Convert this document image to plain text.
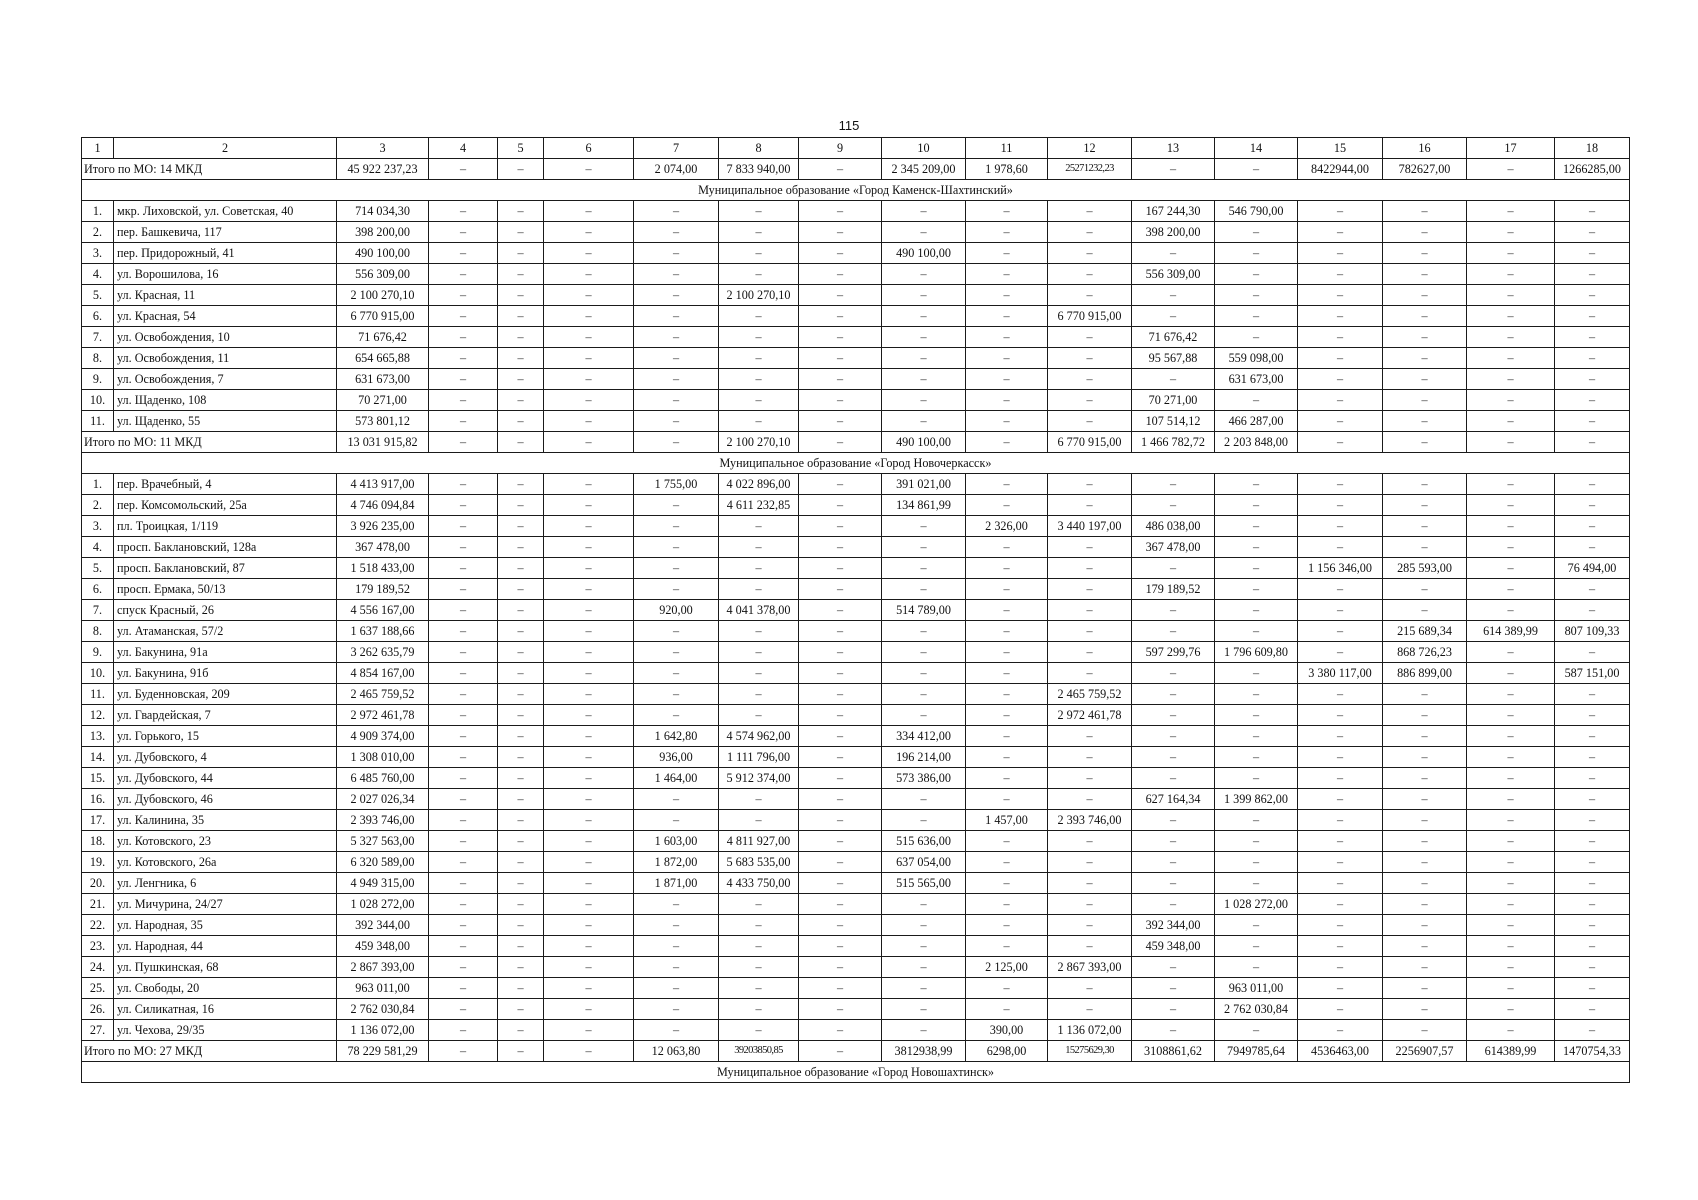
115
1	2	3	4	5	6	7	8	9	10	11	12	13	14	15	16	17	18
Итого по МО: 14 МКД		45 922 237,23	–	–	–	2 074,00	7 833 940,00	–	2 345 209,00	1 978,60	25271232,23	–	–	8422944,00	782627,00	–	1266285,00
Муниципальное образование «Город Каменск-Шахтинский»																	
1.	мкр. Лиховской, ул. Советская, 40	714 034,30	–	–	–	–	–	–	–	–	–	167 244,30	546 790,00	–	–	–	–
2.	пер. Башкевича, 117	398 200,00	–	–	–	–	–	–	–	–	–	398 200,00	–	–	–	–	–
3.	пер. Придорожный, 41	490 100,00	–	–	–	–	–	–	490 100,00	–	–	–	–	–	–	–	–
4.	ул. Ворошилова, 16	556 309,00	–	–	–	–	–	–	–	–	–	556 309,00	–	–	–	–	–
5.	ул. Красная, 11	2 100 270,10	–	–	–	–	2 100 270,10	–	–	–	–	–	–	–	–	–	–
6.	ул. Красная, 54	6 770 915,00	–	–	–	–	–	–	–	–	6 770 915,00	–	–	–	–	–	–
7.	ул. Освобождения, 10	71 676,42	–	–	–	–	–	–	–	–	–	71 676,42	–	–	–	–	–
8.	ул. Освобождения, 11	654 665,88	–	–	–	–	–	–	–	–	–	95 567,88	559 098,00	–	–	–	–
9.	ул. Освобождения, 7	631 673,00	–	–	–	–	–	–	–	–	–	–	631 673,00	–	–	–	–
10.	ул. Щаденко, 108	70 271,00	–	–	–	–	–	–	–	–	–	70 271,00	–	–	–	–	–
11.	ул. Щаденко, 55	573 801,12	–	–	–	–	–	–	–	–	–	107 514,12	466 287,00	–	–	–	–
Итого по МО: 11 МКД		13 031 915,82	–	–	–	–	2 100 270,10	–	490 100,00	–	6 770 915,00	1 466 782,72	2 203 848,00	–	–	–	–
Муниципальное образование «Город Новочеркасск»																	
1.	пер. Врачебный, 4	4 413 917,00	–	–	–	1 755,00	4 022 896,00	–	391 021,00	–	–	–	–	–	–	–	–
2.	пер. Комсомольский, 25а	4 746 094,84	–	–	–	–	4 611 232,85	–	134 861,99	–	–	–	–	–	–	–	–
3.	пл. Троицкая, 1/119	3 926 235,00	–	–	–	–	–	–	–	2 326,00	3 440 197,00	486 038,00	–	–	–	–	–
4.	просп. Баклановский, 128а	367 478,00	–	–	–	–	–	–	–	–	–	367 478,00	–	–	–	–	–
5.	просп. Баклановский, 87	1 518 433,00	–	–	–	–	–	–	–	–	–	–	–	1 156 346,00	285 593,00	–	76 494,00
6.	просп. Ермака, 50/13	179 189,52	–	–	–	–	–	–	–	–	–	179 189,52	–	–	–	–	–
7.	спуск Красный, 26	4 556 167,00	–	–	–	920,00	4 041 378,00	–	514 789,00	–	–	–	–	–	–	–	–
8.	ул. Атаманская, 57/2	1 637 188,66	–	–	–	–	–	–	–	–	–	–	–	–	215 689,34	614 389,99	807 109,33
9.	ул. Бакунина, 91а	3 262 635,79	–	–	–	–	–	–	–	–	–	597 299,76	1 796 609,80	–	868 726,23	–	–
10.	ул. Бакунина, 91б	4 854 167,00	–	–	–	–	–	–	–	–	–	–	–	3 380 117,00	886 899,00	–	587 151,00
11.	ул. Буденновская, 209	2 465 759,52	–	–	–	–	–	–	–	–	2 465 759,52	–	–	–	–	–	–
12.	ул. Гвардейская, 7	2 972 461,78	–	–	–	–	–	–	–	–	2 972 461,78	–	–	–	–	–	–
13.	ул. Горького, 15	4 909 374,00	–	–	–	1 642,80	4 574 962,00	–	334 412,00	–	–	–	–	–	–	–	–
14.	ул. Дубовского, 4	1 308 010,00	–	–	–	936,00	1 111 796,00	–	196 214,00	–	–	–	–	–	–	–	–
15.	ул. Дубовского, 44	6 485 760,00	–	–	–	1 464,00	5 912 374,00	–	573 386,00	–	–	–	–	–	–	–	–
16.	ул. Дубовского, 46	2 027 026,34	–	–	–	–	–	–	–	–	–	627 164,34	1 399 862,00	–	–	–	–
17.	ул. Калинина, 35	2 393 746,00	–	–	–	–	–	–	–	1 457,00	2 393 746,00	–	–	–	–	–	–
18.	ул. Котовского, 23	5 327 563,00	–	–	–	1 603,00	4 811 927,00	–	515 636,00	–	–	–	–	–	–	–	–
19.	ул. Котовского, 26а	6 320 589,00	–	–	–	1 872,00	5 683 535,00	–	637 054,00	–	–	–	–	–	–	–	–
20.	ул. Ленгника, 6	4 949 315,00	–	–	–	1 871,00	4 433 750,00	–	515 565,00	–	–	–	–	–	–	–	–
21.	ул. Мичурина, 24/27	1 028 272,00	–	–	–	–	–	–	–	–	–	–	1 028 272,00	–	–	–	–
22.	ул. Народная, 35	392 344,00	–	–	–	–	–	–	–	–	–	392 344,00	–	–	–	–	–
23.	ул. Народная, 44	459 348,00	–	–	–	–	–	–	–	–	–	459 348,00	–	–	–	–	–
24.	ул. Пушкинская, 68	2 867 393,00	–	–	–	–	–	–	–	2 125,00	2 867 393,00	–	–	–	–	–	–
25.	ул. Свободы, 20	963 011,00	–	–	–	–	–	–	–	–	–	–	963 011,00	–	–	–	–
26.	ул. Силикатная, 16	2 762 030,84	–	–	–	–	–	–	–	–	–	–	2 762 030,84	–	–	–	–
27.	ул. Чехова, 29/35	1 136 072,00	–	–	–	–	–	–	–	390,00	1 136 072,00	–	–	–	–	–	–
Итого по МО: 27 МКД		78 229 581,29	–	–	–	12 063,80	39203850,85	–	3812938,99	6298,00	15275629,30	3108861,62	7949785,64	4536463,00	2256907,57	614389,99	1470754,33
Муниципальное образование «Город Новошахтинск»																	
